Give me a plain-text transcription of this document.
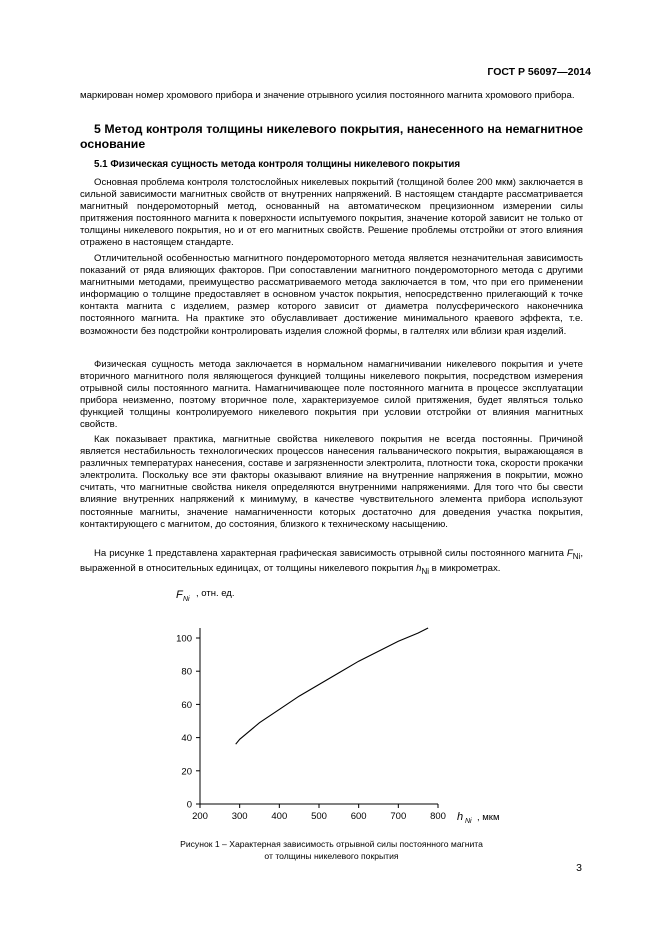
ГОСТ Р 56097—2014

маркирован номер хромового прибора и значение отрывного усилия постоянного магнита хромового прибора.

5 Метод контроля толщины никелевого покрытия, нанесенного на немагнитное основание

5.1 Физическая сущность метода контроля толщины никелевого покрытия

Основная проблема контроля толстослойных никелевых покрытий (толщиной более 200 мкм) заключается в сильной зависимости магнитных свойств от внутренних напряжений. В настоящем стандарте рассматривается магнитный пондеромоторный метод, основанный на автоматическом прецизионном измерении силы притяжения постоянного магнита к поверхности испытуемого покрытия, значение которой зависит не только от толщины никелевого покрытия, но и от его магнитных свойств. Решение проблемы отстройки от этого влияния отражено в настоящем стандарте.

Отличительной особенностью магнитного пондеромоторного метода является незначительная зависимость показаний от ряда влияющих факторов. При сопоставлении магнитного пондеромоторного метода с другими магнитными методами, преимущество рассматриваемого метода заключается в том, что при его применении информацию о толщине предоставляет в основном участок покрытия, непосредственно прилегающий к точке контакта магнита с изделием, размер которого зависит от диаметра полусферического наконечника постоянного магнита. На практике это обуславливает достижение минимального краевого эффекта, т.е. возможности без подстройки контролировать изделия сложной формы, в галтелях или вблизи края изделий.

Физическая сущность метода заключается в нормальном намагничивании никелевого покрытия и учете вторичного магнитного поля являющегося функцией толщины никелевого покрытия, посредством измерения отрывной силы постоянного магнита. Намагничивающее поле постоянного магнита в процессе эксплуатации прибора неизменно, поэтому вторичное поле, характеризуемое силой притяжения, будет являться только функцией толщины контролируемого никелевого покрытия при условии отстройки от влияния магнитных свойств.

Как показывает практика, магнитные свойства никелевого покрытия не всегда постоянны. Причиной является нестабильность технологических процессов нанесения гальванического покрытия, выражающаяся в различных температурах нанесения, составе и загрязненности электролита, плотности тока, скорости прокачки электролита. Поскольку все эти факторы оказывают влияние на внутренние напряжения в покрытии, можно считать, что магнитные свойства никеля определяются внутренними напряжениями. Для того что бы свести влияние внутренних напряжений к минимуму, в качестве чувствительного элемента прибора используют постоянные магниты, значение намагниченности которых достаточно для доведения участка покрытия, контактирующего с магнитом, до состояния, близкого к техническому насыщению.

На рисунке 1 представлена характерная графическая зависимость отрывной силы постоянного магнита $F_{Ni}$, выраженной в относительных единицах, от толщины никелевого покрытия $h_{Ni}$ в микрометрах.

200	300	400	500	600	700	800
0
20
40
60
80
100
F Ni
, отн. ед.
h Ni , мкм
Рисунок 1 – Характерная зависимость отрывной силы постоянного магнита
от толщины никелевого покрытия
3
